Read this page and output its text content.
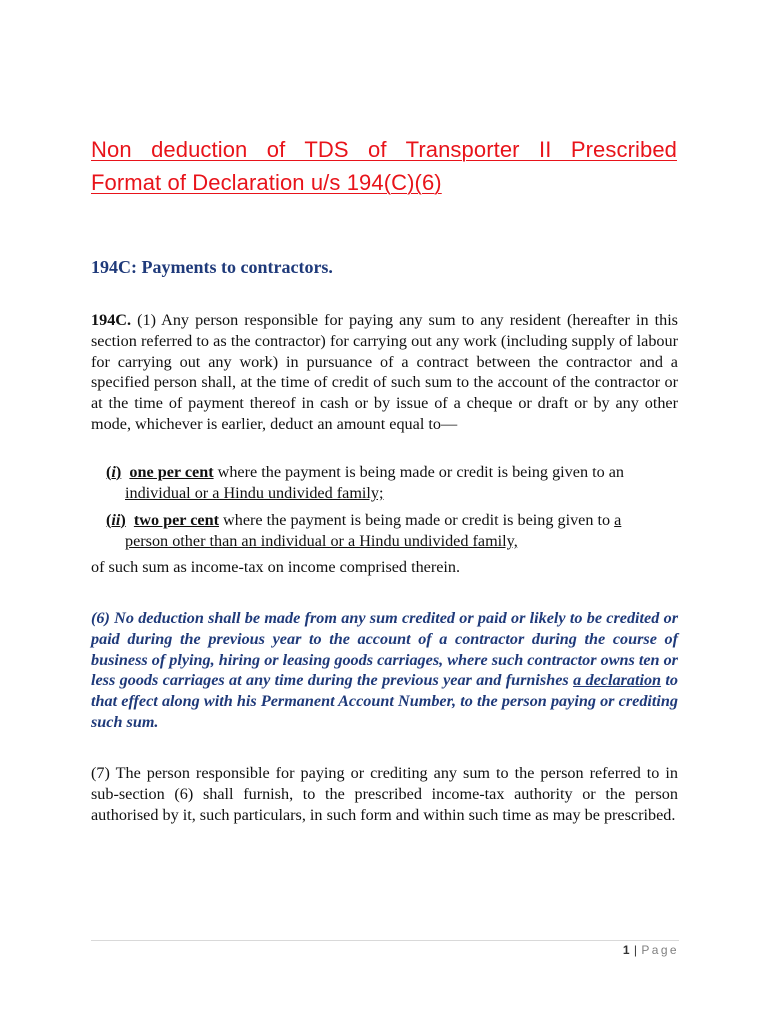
Non deduction of TDS of Transporter II Prescribed
Format of Declaration u/s 194(C)(6)
194C: Payments to contractors.

194C. (1) Any person responsible for paying any sum to any resident (hereafter in this section referred to as the contractor) for carrying out any work (including supply of labour for carrying out any work) in pursuance of a contract between the contractor and a specified person shall, at the time of credit of such sum to the account of the contractor or at the time of payment thereof in cash or by issue of a cheque or draft or by any other mode, whichever is earlier, deduct an amount equal to—

(i) one per cent where the payment is being made or credit is being given to an
individual or a Hindu undivided family;
(ii) two per cent where the payment is being made or credit is being given to a
person other than an individual or a Hindu undivided family,

of such sum as income-tax on income comprised therein.

(6) No deduction shall be made from any sum credited or paid or likely to be credited or paid during the previous year to the account of a contractor during the course of business of plying, hiring or leasing goods carriages, where such contractor owns ten or less goods carriages at any time during the previous year and furnishes a declaration to that effect along with his Permanent Account Number, to the person paying or crediting such sum.

(7) The person responsible for paying or crediting any sum to the person referred to in sub-section (6) shall furnish, to the prescribed income-tax authority or the person authorised by it, such particulars, in such form and within such time as may be prescribed.

1 | Page
